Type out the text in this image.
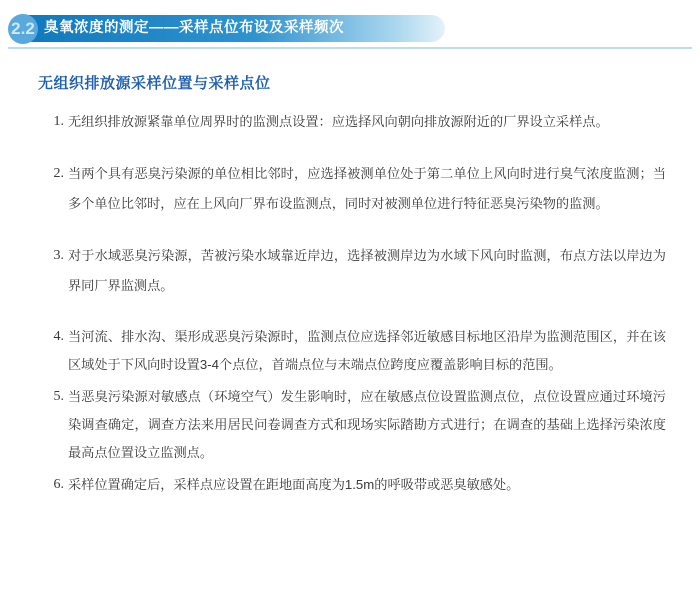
2.2 臭氧浓度的测定——采样点位布设及采样频次
无组织排放源采样位置与采样点位
无组织排放源紧靠单位周界时的监测点设置：应选择风向朝向排放源附近的厂界设立采样点。
当两个具有恶臭污染源的单位相比邻时，应选择被测单位处于第二单位上风向时进行臭气浓度监测；当多个单位比邻时，应在上风向厂界布设监测点，同时对被测单位进行特征恶臭污染物的监测。
对于水域恶臭污染源，苦被污染水域靠近岸边，选择被测岸边为水域下风向时监测，布点方法以岸边为界同厂界监测点。
当河流、排水沟、渠形成恶臭污染源时，监测点位应选择邻近敏感目标地区沿岸为监测范围区，并在该区域处于下风向时设置3-4个点位，首端点位与末端点位跨度应覆盖影响目标的范围。
当恶臭污染源对敏感点（环境空气）发生影响时，应在敏感点位设置监测点位，点位设置应通过环境污染调查确定，调查方法来用居民问卷调查方式和现场实际踏勘方式进行；在调查的基础上选择污染浓度最高点位置设立监测点。
采样位置确定后，采样点应设置在距地面高度为1.5m的呼吸带或恶臭敏感处。
